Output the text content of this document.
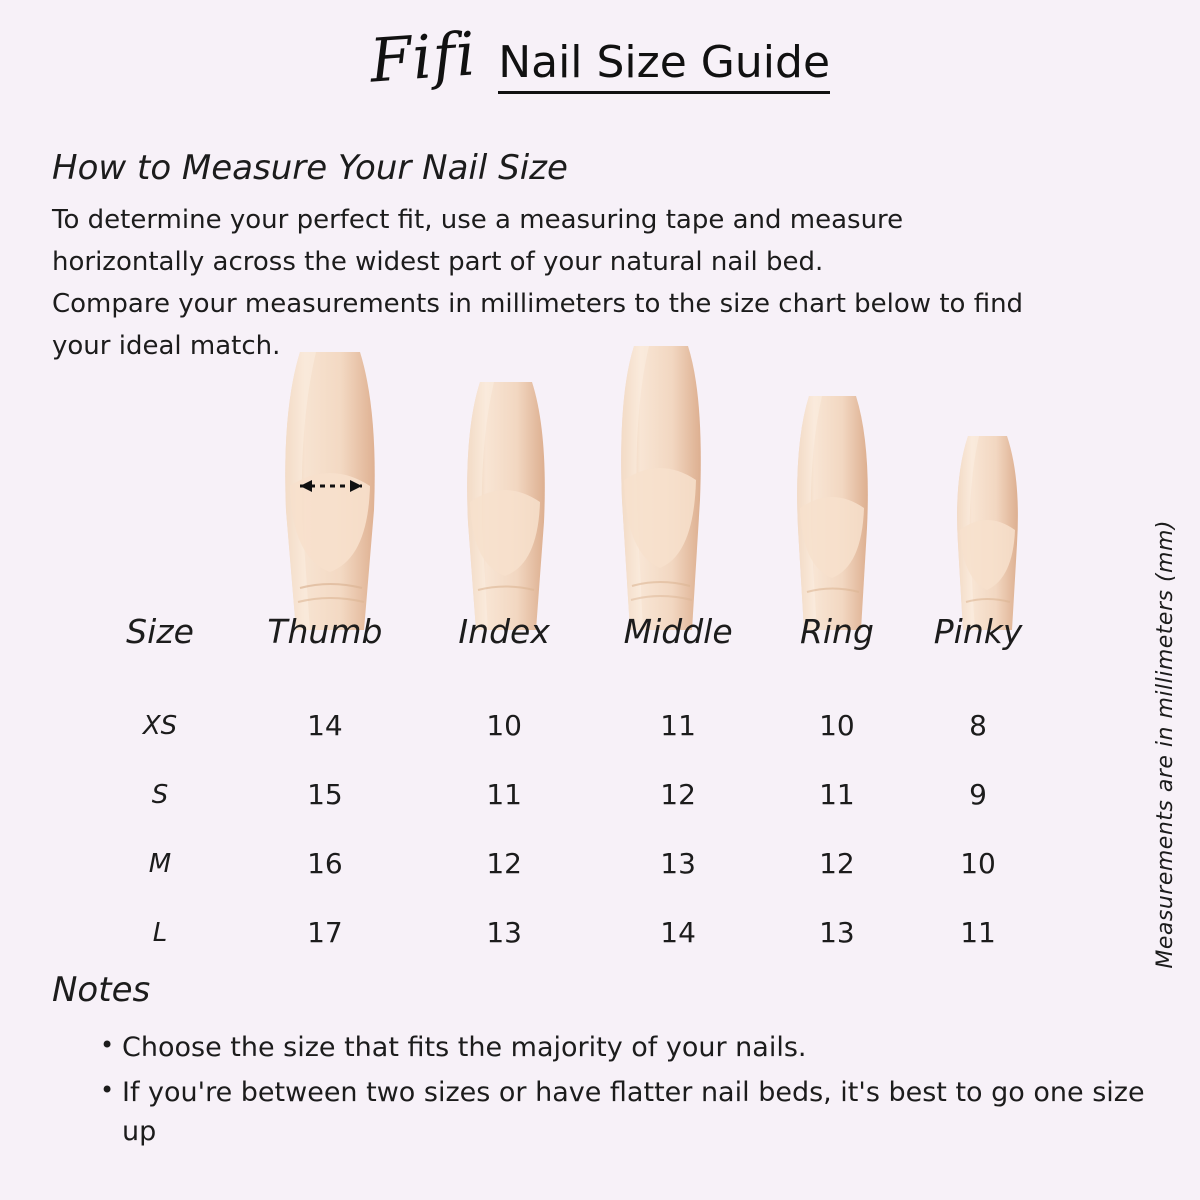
Fifi Nail Size Guide
How to Measure Your Nail Size

To determine your perfect fit, use a measuring tape and measure

horizontally across the widest part of your natural nail bed.

Compare your measurements in millimeters to the size chart below to find

your ideal match.

Measurements are in millimeters (mm)
Size	Thumb	Index	Middle	Ring	Pinky
XS	14	10	11	10	8
S	15	11	12	11	9
M	16	12	13	12	10
L	17	13	14	13	11
Notes
• Choose the size that fits the majority of your nails.
• If you're between two sizes or have flatter nail beds, it's best to go one size up
